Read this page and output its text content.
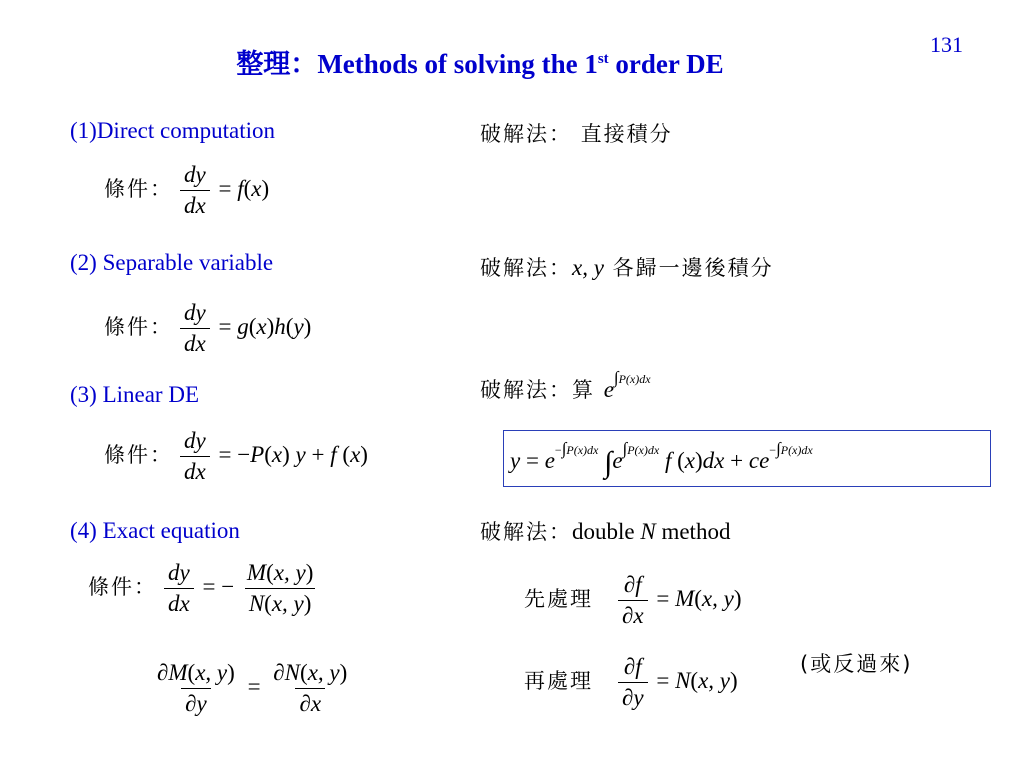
131
整理：Methods of solving the 1st order DE
(1)Direct computation	破解法： 直接積分
條件： $\frac{dy}{dx} = f(x)$
(2) Separable variable	破解法：x, y 各歸一邊後積分
條件： $\frac{dy}{dx} = g(x)h(y)$
(3) Linear DE	破解法：算 $e^{\int P(x)dx}$
條件： $\frac{dy}{dx} = -P(x) y + f$ (x)	$y = e^{-\int P(x)dx}$ $\int e^{\int P(x)dx}$ f $(x)dx + ce^{-\int P(x)dx}$
(4) Exact equation	破解法：double N method
條件： $\frac{dy}{dx}$ = − $\frac{M(x, y)}{N(x, y)}$
$\frac{\partial M(x, y)}{\partial y} = \frac{\partial N(x, y)}{\partial x}$
先處理 $\frac{\partial f}{\partial x} = M(x$, y)
再處理 $\frac{\partial f}{\partial y} = N(x$, y)
(或反過來)
